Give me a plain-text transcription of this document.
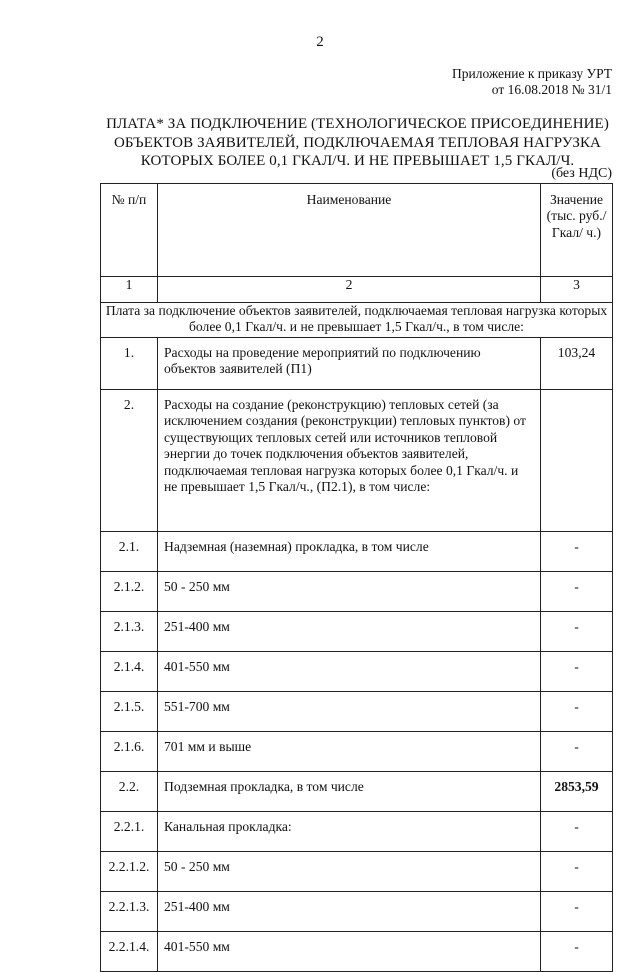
2
Приложение к приказу УРТ
от 16.08.2018 № 31/1
ПЛАТА* ЗА ПОДКЛЮЧЕНИЕ (ТЕХНОЛОГИЧЕСКОЕ ПРИСОЕДИНЕНИЕ)
ОБЪЕКТОВ ЗАЯВИТЕЛЕЙ, ПОДКЛЮЧАЕМАЯ ТЕПЛОВАЯ НАГРУЗКА
КОТОРЫХ БОЛЕЕ 0,1 ГКАЛ/Ч. И НЕ ПРЕВЫШАЕТ 1,5 ГКАЛ/Ч.
(без НДС)
№ п/п	Наименование	Значение (тыс. руб./Гкал/ ч.)
1	2	3
Плата за подключение объектов заявителей, подключаемая тепловая нагрузка которых более 0,1 Гкал/ч. и не превышает 1,5 Гкал/ч., в том числе:		
1.	Расходы на проведение мероприятий по подключению объектов заявителей (П1)	103,24
2.	Расходы на создание (реконструкцию) тепловых сетей (за исключением создания (реконструкции) тепловых пунктов) от существующих тепловых сетей или источников тепловой энергии до точек подключения объектов заявителей, подключаемая тепловая нагрузка которых более 0,1 Гкал/ч. и не превышает 1,5 Гкал/ч., (П2.1), в том числе:	
2.1.	Надземная (наземная) прокладка, в том числе	-
2.1.2.	50 - 250 мм	-
2.1.3.	251-400 мм	-
2.1.4.	401-550 мм	-
2.1.5.	551-700 мм	-
2.1.6.	701 мм и выше	-
2.2.	Подземная прокладка, в том числе	2853,59
2.2.1.	Канальная прокладка:	-
2.2.1.2.	50 - 250 мм	-
2.2.1.3.	251-400 мм	-
2.2.1.4.	401-550 мм	-
